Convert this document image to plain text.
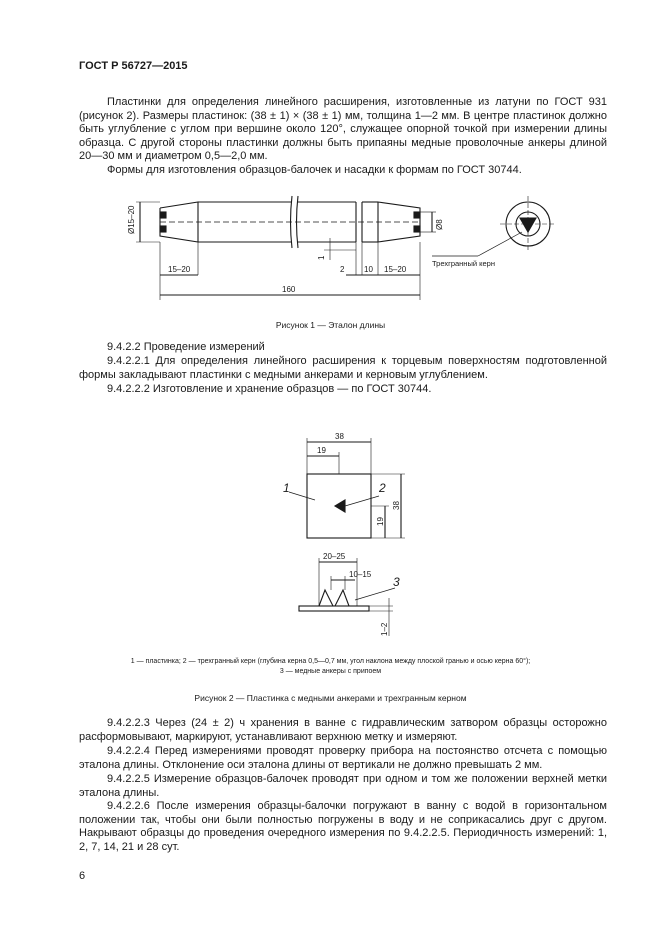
ГОСТ Р 56727—2015

Пластинки для определения линейного расширения, изготовленные из латуни по ГОСТ 931 (рисунок 2). Размеры пластинок: (38 ± 1) × (38 ± 1) мм, толщина 1—2 мм. В центре пластинок должно быть углубление с углом при вершине около 120°, служащее опорной точкой при измерении длины образца. С другой стороны пластинки должны быть припаяны медные проволочные анкеры длиной 20—30 мм и диаметром 0,5—2,0 мм.

Формы для изготовления образцов-балочек и насадки к формам по ГОСТ 30744.

Ø15–20
15–20
160
1
2 10 15–20
Ø8
Трехгранный керн
Рисунок 1 — Эталон длины

9.4.2.2 Проведение измерений

9.4.2.2.1 Для определения линейного расширения к торцевым поверхностям подготовленной формы закладывают пластинки с медными анкерами и керновым углублением.

9.4.2.2.2 Изготовление и хранение образцов — по ГОСТ 30744.

38
19
38
19
1	2
3
20–25
10–15
1–2
1 — пластинка; 2 — трехгранный керн (глубина керна 0,5—0,7 мм, угол наклона между плоской гранью и осью керна 60°);
3 — медные анкеры с припоем
Рисунок 2 — Пластинка с медными анкерами и трехгранным керном

9.4.2.2.3 Через (24 ± 2) ч хранения в ванне с гидравлическим затвором образцы осторожно расформовывают, маркируют, устанавливают верхнюю метку и измеряют.

9.4.2.2.4 Перед измерениями проводят проверку прибора на постоянство отсчета с помощью эталона длины. Отклонение оси эталона длины от вертикали не должно превышать 2 мм.

9.4.2.2.5 Измерение образцов-балочек проводят при одном и том же положении верхней метки эталона длины.

9.4.2.2.6 После измерения образцы-балочки погружают в ванну с водой в горизонтальном положении так, чтобы они были полностью погружены в воду и не соприкасались друг с другом. Накрывают образцы до проведения очередного измерения по 9.4.2.2.5. Периодичность измерений: 1, 2, 7, 14, 21 и 28 сут.

6
